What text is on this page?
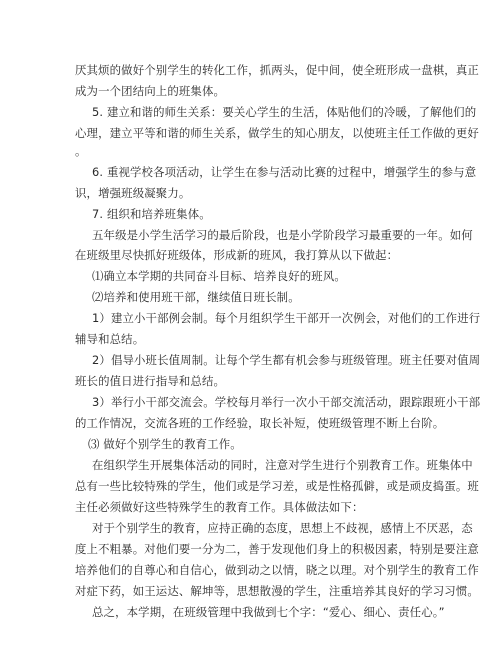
厌其烦的做好个别学生的转化工作，抓两头，促中间，使全班形成一盘棋，真正
成为一个团结向上的班集体。
5. 建立和谐的师生关系：要关心学生的生活，体贴他们的冷暖，了解他们的
心理，建立平等和谐的师生关系，做学生的知心朋友，以使班主任工作做的更好
。
6. 重视学校各项活动，让学生在参与活动比赛的过程中，增强学生的参与意
识，增强班级凝聚力。
7. 组织和培养班集体。
五年级是小学生活学习的最后阶段，也是小学阶段学习最重要的一年。如何
在班级里尽快抓好班级体，形成新的班风，我打算从以下做起：
⑴确立本学期的共同奋斗目标、培养良好的班风。
⑵培养和使用班干部，继续值日班长制。
1）建立小干部例会制。每个月组织学生干部开一次例会，对他们的工作进行
辅导和总结。
2）倡导小班长值周制。让每个学生都有机会参与班级管理。班主任要对值周
班长的值日进行指导和总结。
3）举行小干部交流会。学校每月举行一次小干部交流活动，跟踪跟班小干部
的工作情况，交流各班的工作经验，取长补短，使班级管理不断上台阶。
⑶ 做好个别学生的教育工作。
在组织学生开展集体活动的同时，注意对学生进行个别教育工作。班集体中
总有一些比较特殊的学生，他们或是学习差，或是性格孤僻，或是顽皮捣蛋。班
主任必须做好这些特殊学生的教育工作。具体做法如下：
对于个别学生的教育，应持正确的态度，思想上不歧视，感情上不厌恶，态
度上不粗暴。对他们要一分为二，善于发现他们身上的积极因素，特别是要注意
培养他们的自尊心和自信心，做到动之以情，晓之以理。对个别学生的教育工作
对症下药，如王运达、解坤等，思想散漫的学生，注重培养其良好的学习习惯。
总之，本学期，在班级管理中我做到七个字：“爱心、细心、责任心。”
